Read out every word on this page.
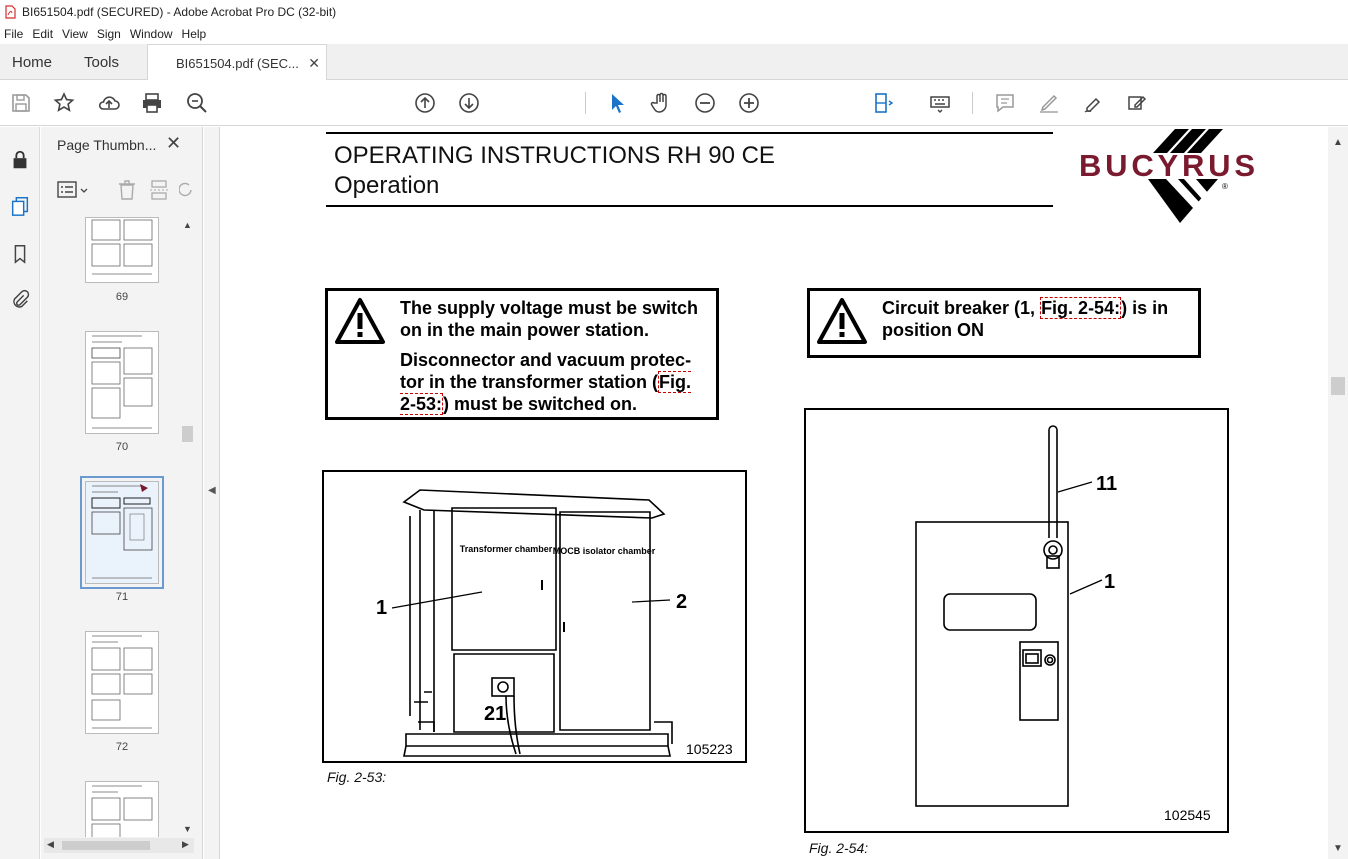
BI651504.pdf (SECURED) - Adobe Acrobat Pro DC (32-bit)
File Edit View Sign Window Help
Home Tools	BI651504.pdf (SEC... ✕
Page Thumbn... ✕
69
70
71
72
▲
▼
◀	▶
◀
OPERATING INSTRUCTIONS RH 90 CE
Operation
BUCYRUS
®
The supply voltage must be switch on in the main power station.
Disconnector and vacuum protec-tor in the transformer station (Fig. 2-53:) must be switched on.
Circuit breaker (1, Fig. 2-54:) is in position ON
Transformer chamber MOCB isolator chamber
1	2
21
105223
Fig. 2-53:
11
1
102545
Fig. 2-54:
▲
▼
